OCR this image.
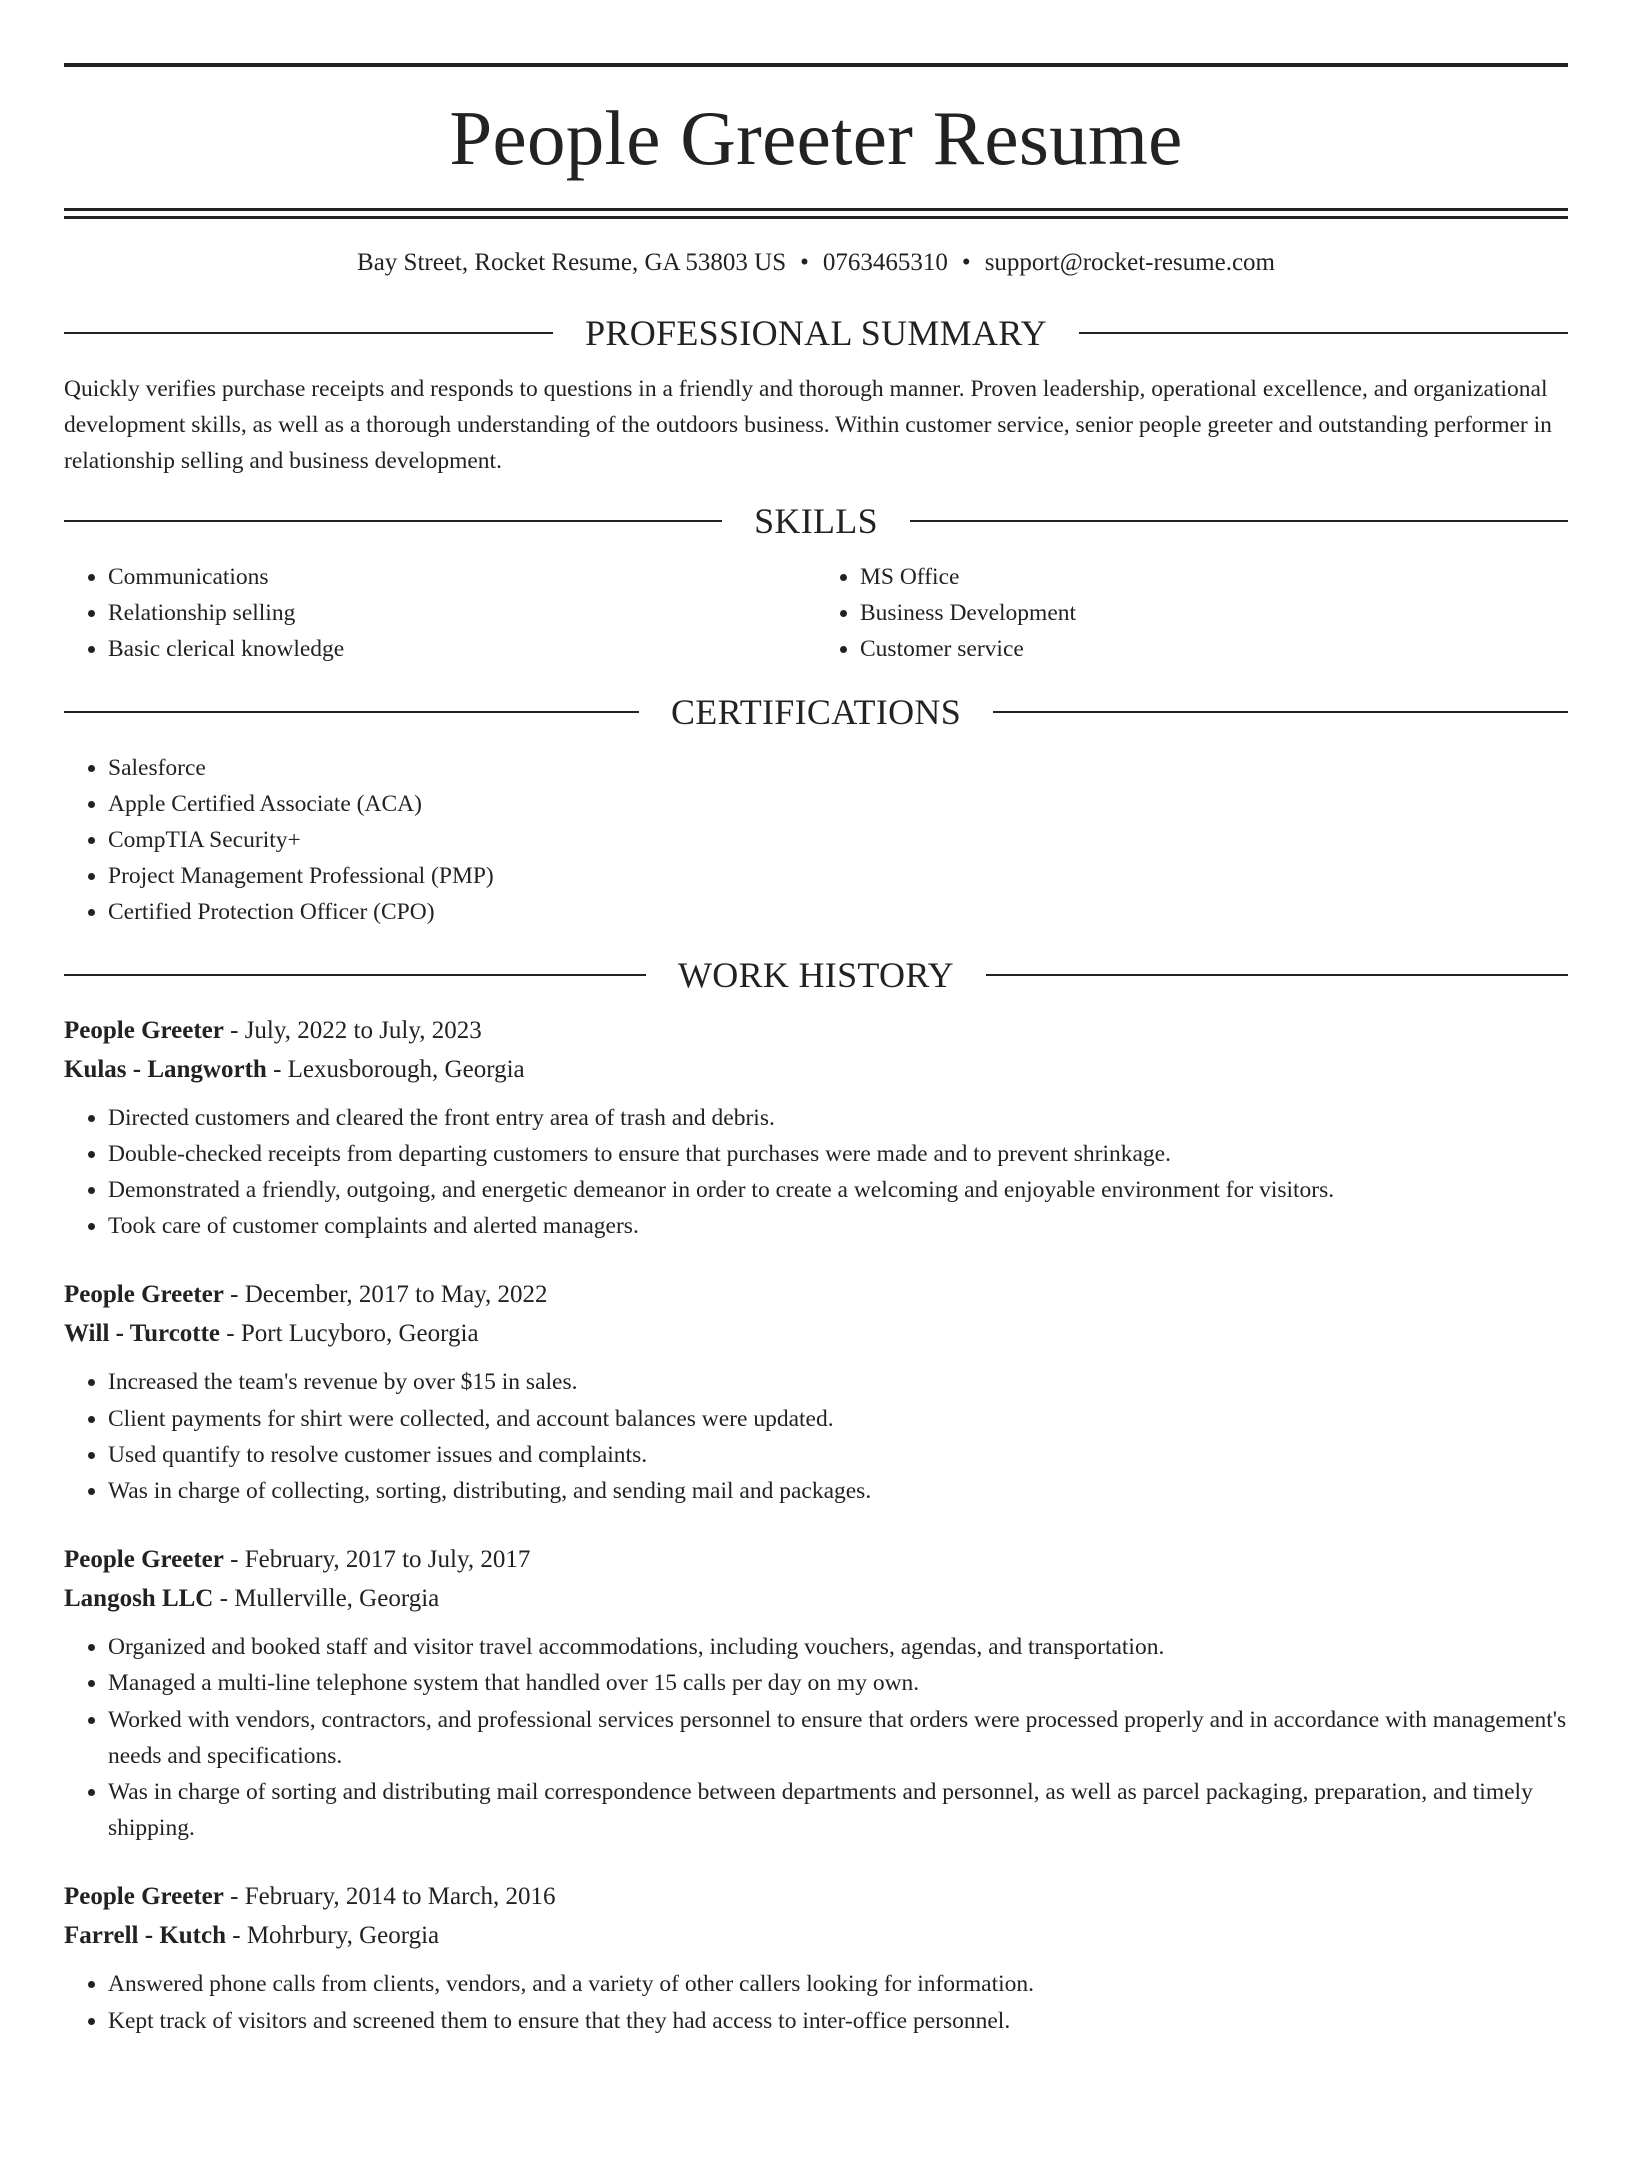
People Greeter Resume
Bay Street, Rocket Resume, GA 53803 US • 0763465310 • support@rocket-resume.com
PROFESSIONAL SUMMARY

Quickly verifies purchase receipts and responds to questions in a friendly and thorough manner. Proven leadership, operational excellence, and organizational development skills, as well as a thorough understanding of the outdoors business. Within customer service, senior people greeter and outstanding performer in relationship selling and business development.

SKILLS
• Communications
• Relationship selling
• Basic clerical knowledge
• MS Office
• Business Development
• Customer service
CERTIFICATIONS
• Salesforce
• Apple Certified Associate (ACA)
• CompTIA Security+
• Project Management Professional (PMP)
• Certified Protection Officer (CPO)
WORK HISTORY
People Greeter - July, 2022 to July, 2023
Kulas - Langworth - Lexusborough, Georgia
• Directed customers and cleared the front entry area of trash and debris.
• Double-checked receipts from departing customers to ensure that purchases were made and to prevent shrinkage.
• Demonstrated a friendly, outgoing, and energetic demeanor in order to create a welcoming and enjoyable environment for visitors.
• Took care of customer complaints and alerted managers.
People Greeter - December, 2017 to May, 2022
Will - Turcotte - Port Lucyboro, Georgia
• Increased the team's revenue by over $15 in sales.
• Client payments for shirt were collected, and account balances were updated.
• Used quantify to resolve customer issues and complaints.
• Was in charge of collecting, sorting, distributing, and sending mail and packages.
People Greeter - February, 2017 to July, 2017
Langosh LLC - Mullerville, Georgia
• Organized and booked staff and visitor travel accommodations, including vouchers, agendas, and transportation.
• Managed a multi-line telephone system that handled over 15 calls per day on my own.
• Worked with vendors, contractors, and professional services personnel to ensure that orders were processed properly and in accordance with management's needs and specifications.
• Was in charge of sorting and distributing mail correspondence between departments and personnel, as well as parcel packaging, preparation, and timely shipping.
People Greeter - February, 2014 to March, 2016
Farrell - Kutch - Mohrbury, Georgia
• Answered phone calls from clients, vendors, and a variety of other callers looking for information.
• Kept track of visitors and screened them to ensure that they had access to inter-office personnel.
